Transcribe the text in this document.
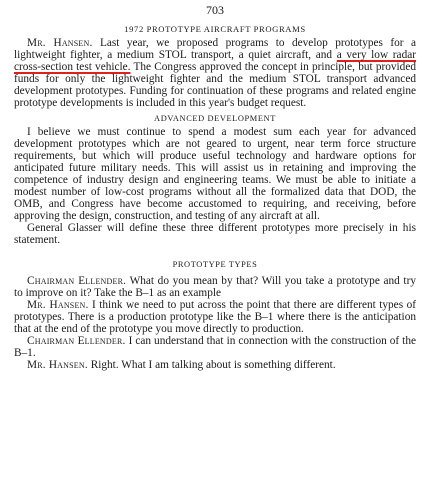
703
1972 PROTOTYPE AIRCRAFT PROGRAMS

Mr. Hansen. Last year, we proposed programs to develop prototypes for a lightweight fighter, a medium STOL transport, a quiet aircraft, and a very low radar cross-section test vehicle. The Congress approved the concept in principle, but provided funds for only the lightweight fighter and the medium STOL transport advanced development prototypes. Funding for continuation of these programs and related engine prototype developments is included in this year's budget request.

ADVANCED DEVELOPMENT

I believe we must continue to spend a modest sum each year for advanced development prototypes which are not geared to urgent, near term force structure requirements, but which will produce useful technology and hardware options for anticipated future military needs. This will assist us in retaining and improving the competence of industry design and engineering teams. We must be able to initiate a modest number of low-cost programs without all the formalized data that DOD, the OMB, and Congress have become accustomed to requiring, and receiving, before approving the design, construction, and testing of any aircraft at all.

General Glasser will define these three different prototypes more precisely in his statement.

PROTOTYPE TYPES

Chairman Ellender. What do you mean by that? Will you take a prototype and try to improve on it? Take the B–1 as an example

Mr. Hansen. I think we need to put across the point that there are different types of prototypes. There is a production prototype like the B–1 where there is the anticipation that at the end of the prototype you move directly to production.

Chairman Ellender. I can understand that in connection with the construction of the B–1.

Mr. Hansen. Right. What I am talking about is something different.
